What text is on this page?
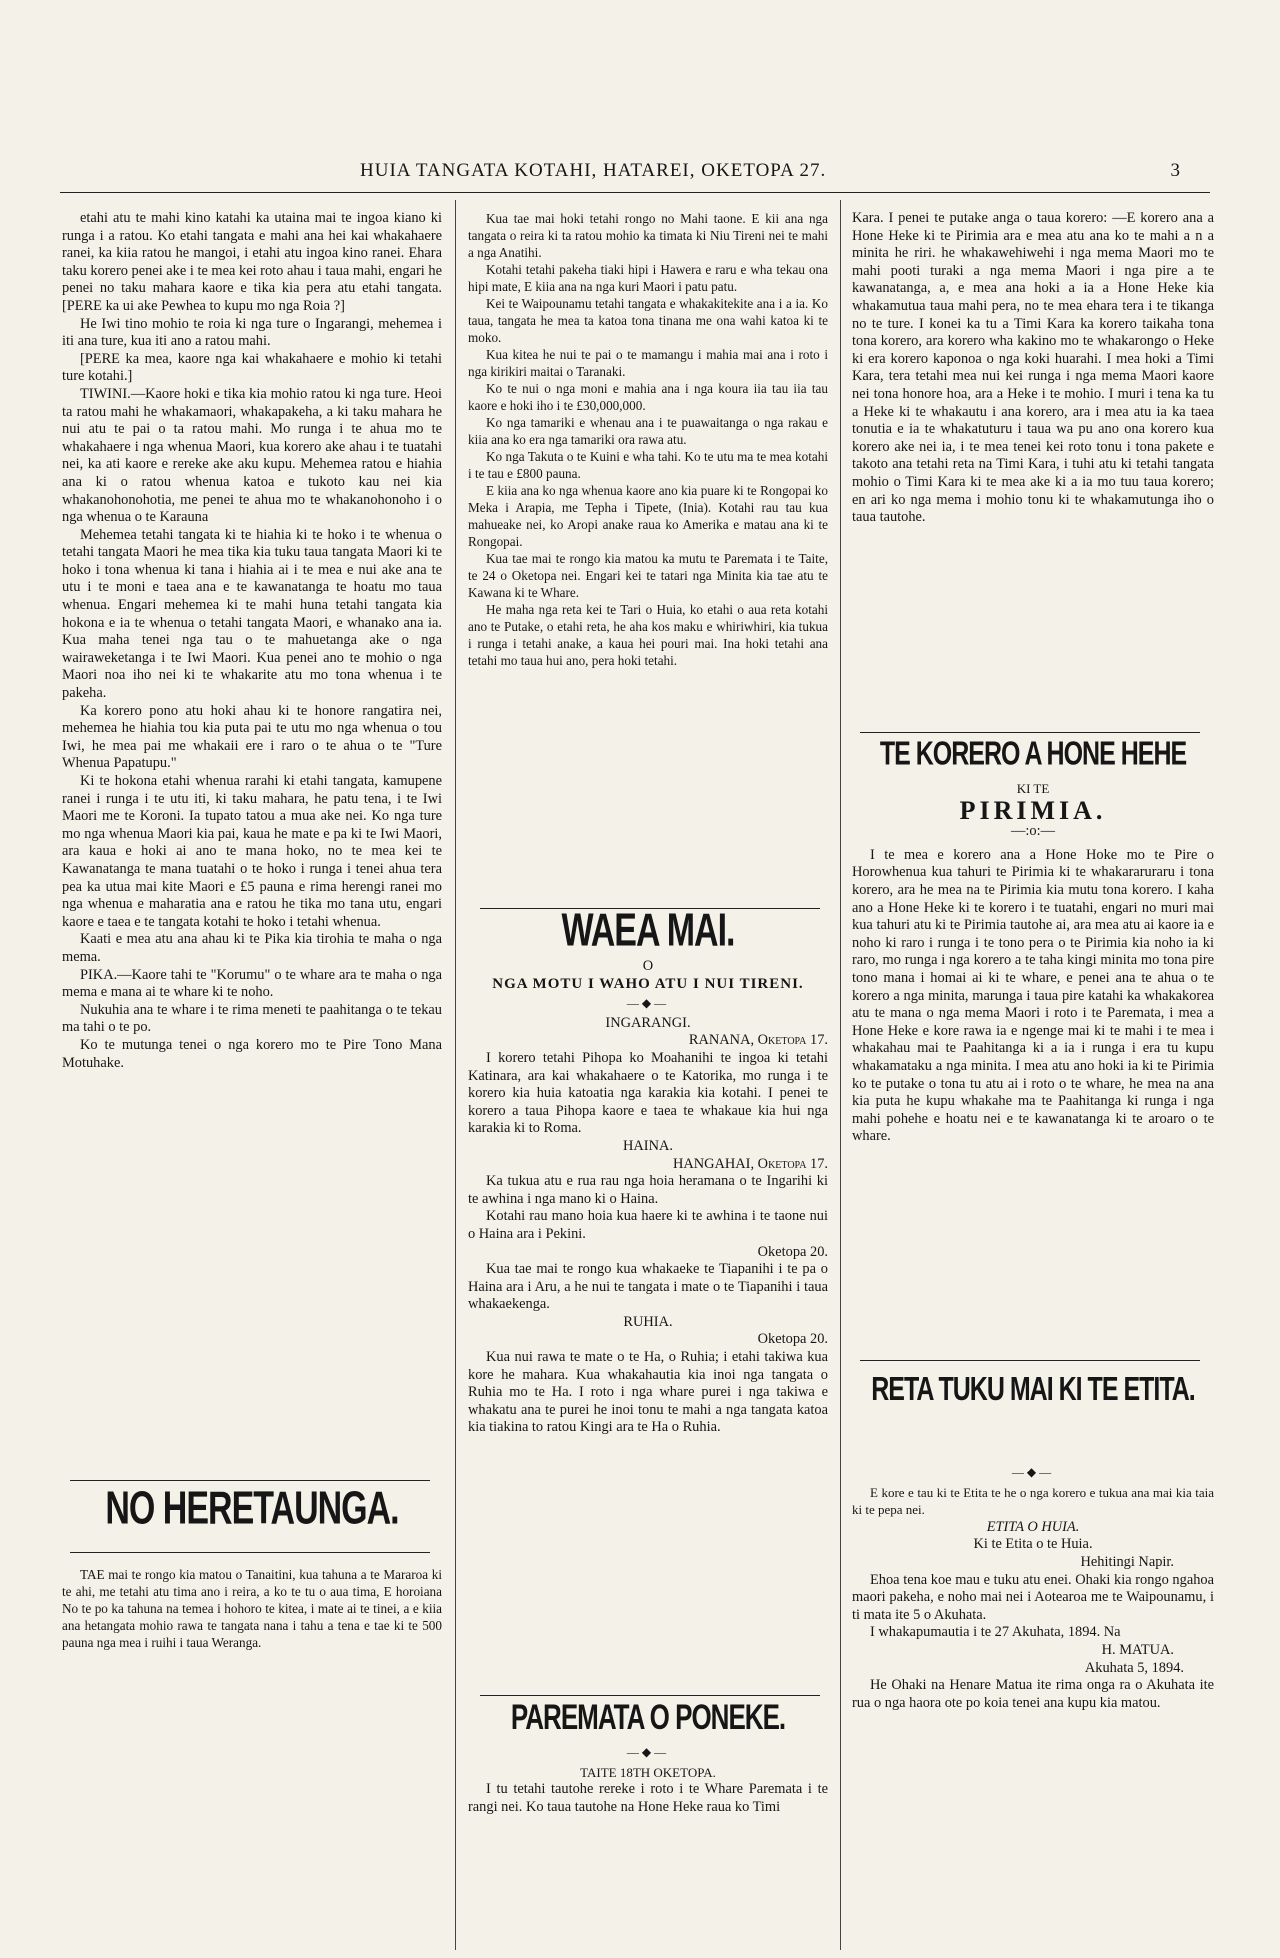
HUIA TANGATA KOTAHI, HATAREI, OKETOPA 27.	3

etahi atu te mahi kino katahi ka utaina mai te ingoa kiano ki runga i a ratou. Ko etahi tangata e mahi ana hei kai whakahaere ranei, ka kiia ratou he mangoi, i etahi atu ingoa kino ranei. Ehara taku korero penei ake i te mea kei roto ahau i taua mahi, engari he penei no taku mahara kaore e tika kia pera atu etahi tangata. [PERE ka ui ake Pewhea to kupu mo nga Roia ?]

He Iwi tino mohio te roia ki nga ture o Ingarangi, mehemea i iti ana ture, kua iti ano a ratou mahi.

[PERE ka mea, kaore nga kai whakahaere e mohio ki tetahi ture kotahi.]

TIWINI.—Kaore hoki e tika kia mohio ratou ki nga ture. Heoi ta ratou mahi he whakamaori, whakapakeha, a ki taku mahara he nui atu te pai o ta ratou mahi. Mo runga i te ahua mo te whakahaere i nga whenua Maori, kua korero ake ahau i te tuatahi nei, ka ati kaore e rereke ake aku kupu. Mehemea ratou e hiahia ana ki o ratou whenua katoa e tukoto kau nei kia whakanohonohotia, me penei te ahua mo te whakanohonoho i o nga whenua o te Karauna

Mehemea tetahi tangata ki te hiahia ki te hoko i te whenua o tetahi tangata Maori he mea tika kia tuku taua tangata Maori ki te hoko i tona whenua ki tana i hiahia ai i te mea e nui ake ana te utu i te moni e taea ana e te kawanatanga te hoatu mo taua whenua. Engari mehemea ki te mahi huna tetahi tangata kia hokona e ia te whenua o tetahi tangata Maori, e whanako ana ia. Kua maha tenei nga tau o te mahuetanga ake o nga wairaweketanga i te Iwi Maori. Kua penei ano te mohio o nga Maori noa iho nei ki te whakarite atu mo tona whenua i te pakeha.

Ka korero pono atu hoki ahau ki te honore rangatira nei, mehemea he hiahia tou kia puta pai te utu mo nga whenua o tou Iwi, he mea pai me whakaii ere i raro o te ahua o te "Ture Whenua Papatupu."

Ki te hokona etahi whenua rarahi ki etahi tangata, kamupene ranei i runga i te utu iti, ki taku mahara, he patu tena, i te Iwi Maori me te Koroni. Ia tupato tatou a mua ake nei. Ko nga ture mo nga whenua Maori kia pai, kaua he mate e pa ki te Iwi Maori, ara kaua e hoki ai ano te mana hoko, no te mea kei te Kawanatanga te mana tuatahi o te hoko i runga i tenei ahua tera pea ka utua mai kite Maori e £5 pauna e rima herengi ranei mo nga whenua e maharatia ana e ratou he tika mo tana utu, engari kaore e taea e te tangata kotahi te hoko i tetahi whenua.

Kaati e mea atu ana ahau ki te Pika kia tirohia te maha o nga mema.

PIKA.—Kaore tahi te "Korumu" o te whare ara te maha o nga mema e mana ai te whare ki te noho.

Nukuhia ana te whare i te rima meneti te paahitanga o te tekau ma tahi o te po.

Ko te mutunga tenei o nga korero mo te Pire Tono Mana Motuhake.

NO HERETAUNGA.

TAE mai te rongo kia matou o Tanaitini, kua tahuna a te Mararoa ki te ahi, me tetahi atu tima ano i reira, a ko te tu o aua tima, E horoiana No te po ka tahuna na temea i hohoro te kitea, i mate ai te tinei, a e kiia ana hetangata mohio rawa te tangata nana i tahu a tena e tae ki te 500 pauna nga mea i ruihi i taua Weranga.

Kua tae mai hoki tetahi rongo no Mahi taone. E kii ana nga tangata o reira ki ta ratou mohio ka timata ki Niu Tireni nei te mahi a nga Anatihi.

Kotahi tetahi pakeha tiaki hipi i Hawera e raru e wha tekau ona hipi mate, E kiia ana na nga kuri Maori i patu patu.

Kei te Waipounamu tetahi tangata e whakakitekite ana i a ia. Ko taua, tangata he mea ta katoa tona tinana me ona wahi katoa ki te moko.

Kua kitea he nui te pai o te mamangu i mahia mai ana i roto i nga kirikiri maitai o Taranaki.

Ko te nui o nga moni e mahia ana i nga koura iia tau iia tau kaore e hoki iho i te £30,000,000.

Ko nga tamariki e whenau ana i te puawaitanga o nga rakau e kiia ana ko era nga tamariki ora rawa atu.

Ko nga Takuta o te Kuini e wha tahi. Ko te utu ma te mea kotahi i te tau e £800 pauna.

E kiia ana ko nga whenua kaore ano kia puare ki te Rongopai ko Meka i Arapia, me Tepha i Tipete, (Inia). Kotahi rau tau kua mahueake nei, ko Aropi anake raua ko Amerika e matau ana ki te Rongopai.

Kua tae mai te rongo kia matou ka mutu te Paremata i te Taite, te 24 o Oketopa nei. Engari kei te tatari nga Minita kia tae atu te Kawana ki te Whare.

He maha nga reta kei te Tari o Huia, ko etahi o aua reta kotahi ano te Putake, o etahi reta, he aha kos maku e whiriwhiri, kia tukua i runga i tetahi anake, a kaua hei pouri mai. Ina hoki tetahi ana tetahi mo taua hui ano, pera hoki tetahi.

WAEA MAI.
O
NGA MOTU I WAHO ATU I NUI TIRENI.
—◆—
INGARANGI.
RANANA, Oketopa 17.

I korero tetahi Pihopa ko Moahanihi te ingoa ki tetahi Katinara, ara kai whakahaere o te Katorika, mo runga i te korero kia huia katoatia nga karakia kia kotahi. I penei te korero a taua Pihopa kaore e taea te whakaue kia hui nga karakia ki to Roma.

HAINA.
HANGAHAI, Oketopa 17.

Ka tukua atu e rua rau nga hoia heramana o te Ingarihi ki te awhina i nga mano ki o Haina.

Kotahi rau mano hoia kua haere ki te awhina i te taone nui o Haina ara i Pekini.

Oketopa 20.

Kua tae mai te rongo kua whakaeke te Tiapanihi i te pa o Haina ara i Aru, a he nui te tangata i mate o te Tiapanihi i taua whakaekenga.

RUHIA.
Oketopa 20.

Kua nui rawa te mate o te Ha, o Ruhia; i etahi takiwa kua kore he mahara. Kua whakahautia kia inoi nga tangata o Ruhia mo te Ha. I roto i nga whare purei i nga takiwa e whakatu ana te purei he inoi tonu te mahi a nga tangata katoa kia tiakina to ratou Kingi ara te Ha o Ruhia.

PAREMATA O PONEKE.
—◆—
TAITE 18TH OKETOPA.

I tu tetahi tautohe rereke i roto i te Whare Paremata i te rangi nei. Ko taua tautohe na Hone Heke raua ko Timi

Kara. I penei te putake anga o taua korero: —E korero ana a Hone Heke ki te Pirimia ara e mea atu ana ko te mahi a n a minita he riri. he whakawehiwehi i nga mema Maori mo te mahi pooti turaki a nga mema Maori i nga pire a te kawanatanga, a, e mea ana hoki a ia a Hone Heke kia whakamutua taua mahi pera, no te mea ehara tera i te tikanga no te ture. I konei ka tu a Timi Kara ka korero taikaha tona tona korero, ara korero wha kakino mo te whakarongo o Heke ki era korero kaponoa o nga koki huarahi. I mea hoki a Timi Kara, tera tetahi mea nui kei runga i nga mema Maori kaore nei tona honore hoa, ara a Heke i te mohio. I muri i tena ka tu a Heke ki te whakautu i ana korero, ara i mea atu ia ka taea tonutia e ia te whakatuturu i taua wa pu ano ona korero kua korero ake nei ia, i te mea tenei kei roto tonu i tona pakete e takoto ana tetahi reta na Timi Kara, i tuhi atu ki tetahi tangata mohio o Timi Kara ki te mea ake ki a ia mo tuu taua korero; en ari ko nga mema i mohio tonu ki te whakamutunga iho o taua tautohe.

TE KORERO A HONE HEHE
KI TE
PIRIMIA.
—:o:—

I te mea e korero ana a Hone Hoke mo te Pire o Horowhenua kua tahuri te Pirimia ki te whakararuraru i tona korero, ara he mea na te Pirimia kia mutu tona korero. I kaha ano a Hone Heke ki te korero i te tuatahi, engari no muri mai kua tahuri atu ki te Pirimia tautohe ai, ara mea atu ai kaore ia e noho ki raro i runga i te tono pera o te Pirimia kia noho ia ki raro, mo runga i nga korero a te taha kingi minita mo tona pire tono mana i homai ai ki te whare, e penei ana te ahua o te korero a nga minita, marunga i taua pire katahi ka whakakorea atu te mana o nga mema Maori i roto i te Paremata, i mea a Hone Heke e kore rawa ia e ngenge mai ki te mahi i te mea i whakahau mai te Paahitanga ki a ia i runga i era tu kupu whakamataku a nga minita. I mea atu ano hoki ia ki te Pirimia ko te putake o tona tu atu ai i roto o te whare, he mea na ana kia puta he kupu whakahe ma te Paahitanga ki runga i nga mahi pohehe e hoatu nei e te kawanatanga ki te aroaro o te whare.

RETA TUKU MAI KI TE ETITA.
—◆—

E kore e tau ki te Etita te he o nga korero e tukua ana mai kia taia ki te pepa nei.

ETITA O HUIA.
Ki te Etita o te Huia.
Hehitingi Napir.

Ehoa tena koe mau e tuku atu enei. Ohaki kia rongo ngahoa maori pakeha, e noho mai nei i Aotearoa me te Waipounamu, i ti mata ite 5 o Akuhata.

I whakapumautia i te 27 Akuhata, 1894. Na

H. MATUA.
Akuhata 5, 1894.

He Ohaki na Henare Matua ite rima onga ra o Akuhata ite rua o nga haora ote po koia tenei ana kupu kia matou.
